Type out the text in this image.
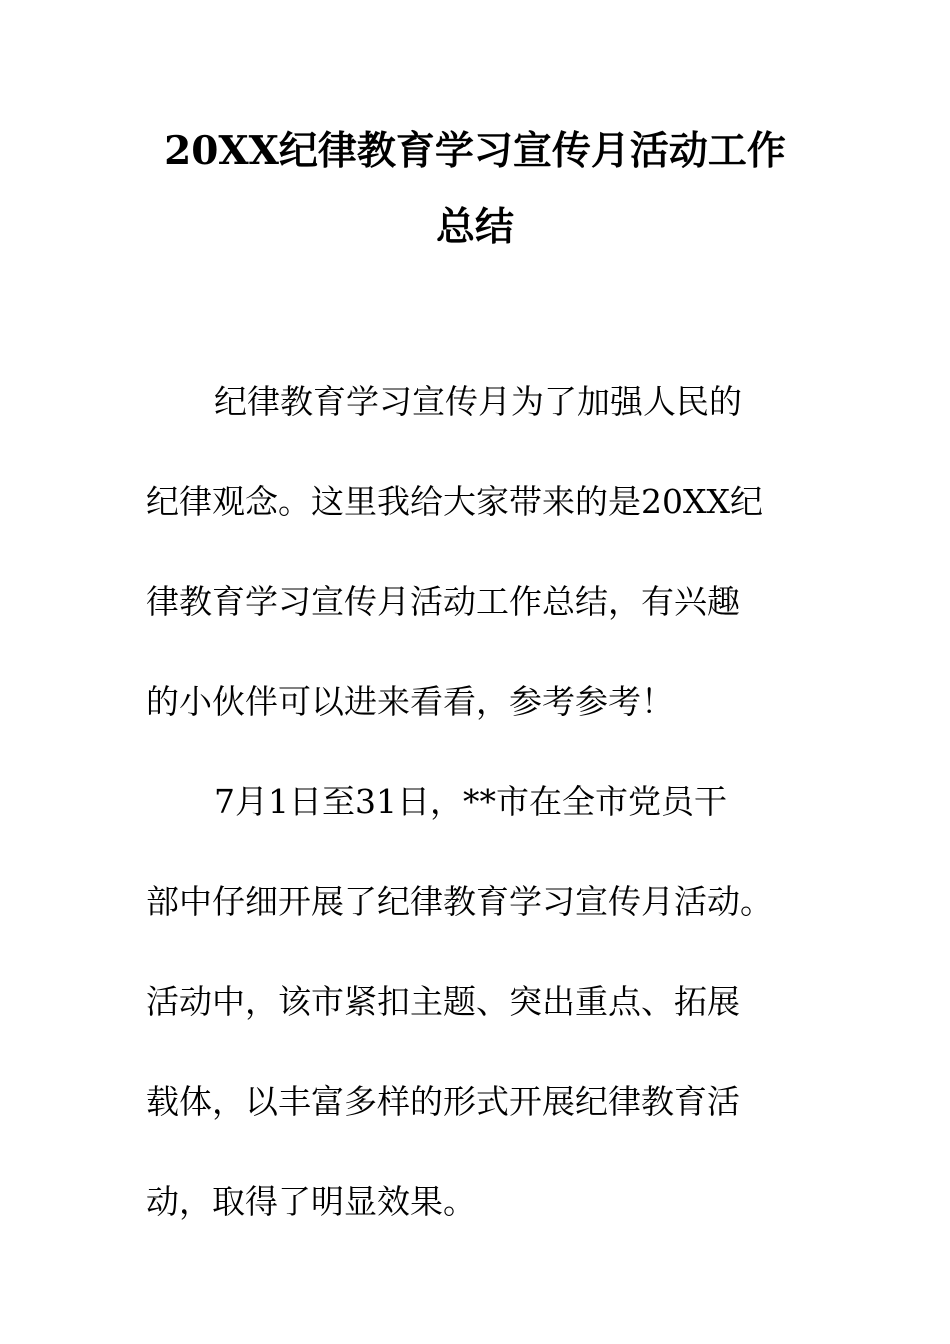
20XX纪律教育学习宣传月活动工作
总结
纪律教育学习宣传月为了加强人民的
纪律观念。这里我给大家带来的是20XX纪
律教育学习宣传月活动工作总结，有兴趣
的小伙伴可以进来看看，参考参考！
7月1日至31日，**市在全市党员干
部中仔细开展了纪律教育学习宣传月活动。
活动中，该市紧扣主题、突出重点、拓展
载体，以丰富多样的形式开展纪律教育活
动，取得了明显效果。
